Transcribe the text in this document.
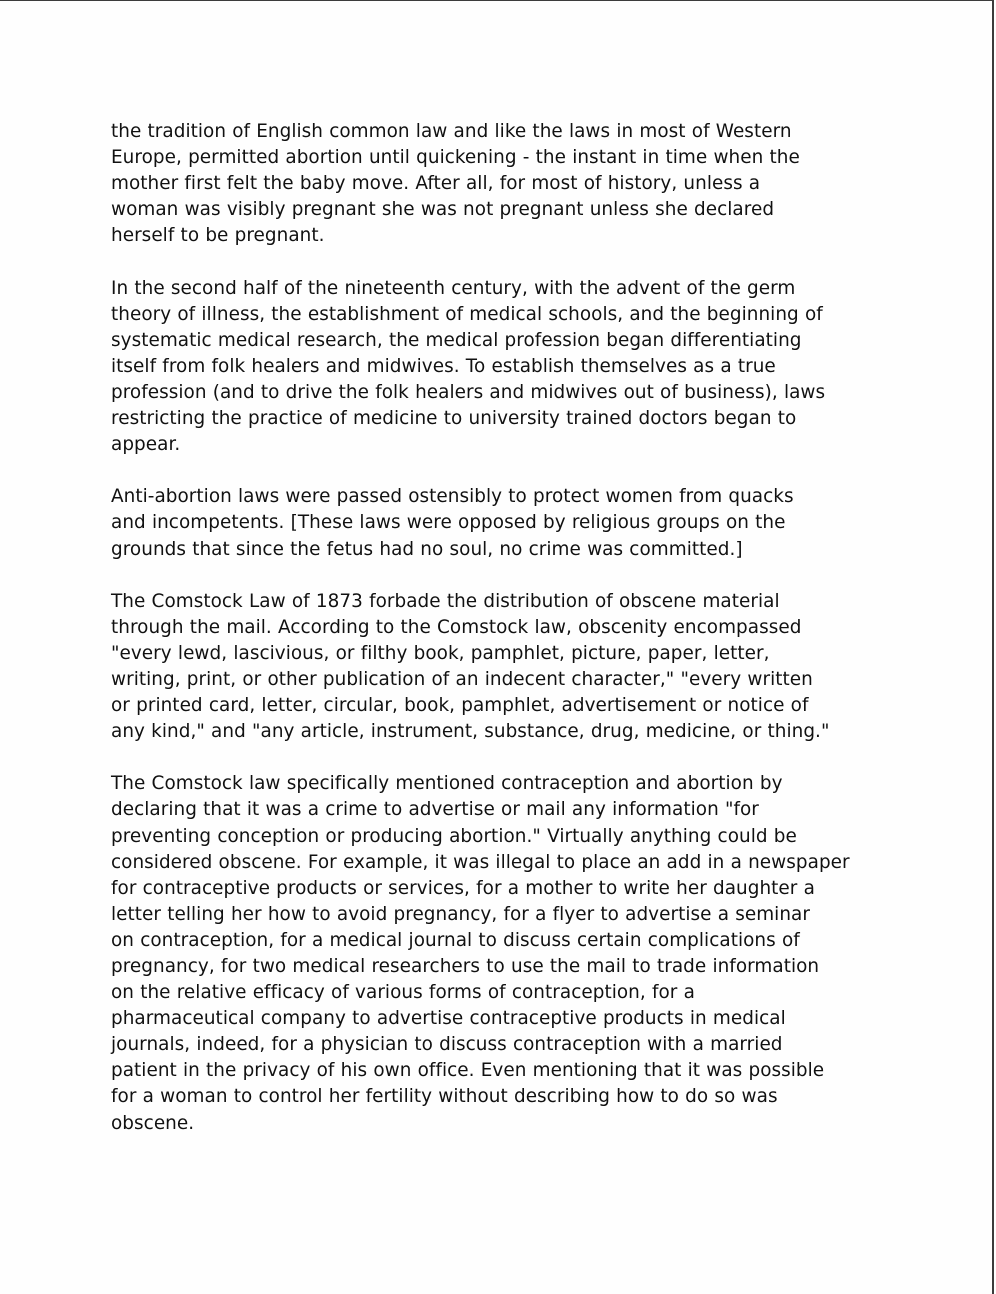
the tradition of English common law and like the laws in most of Western
Europe, permitted abortion until quickening - the instant in time when the
mother first felt the baby move. After all, for most of history, unless a
woman was visibly pregnant she was not pregnant unless she declared
herself to be pregnant.

In the second half of the nineteenth century, with the advent of the germ
theory of illness, the establishment of medical schools, and the beginning of
systematic medical research, the medical profession began differentiating
itself from folk healers and midwives. To establish themselves as a true
profession (and to drive the folk healers and midwives out of business), laws
restricting the practice of medicine to university trained doctors began to
appear.

Anti-abortion laws were passed ostensibly to protect women from quacks
and incompetents. [These laws were opposed by religious groups on the
grounds that since the fetus had no soul, no crime was committed.]

The Comstock Law of 1873 forbade the distribution of obscene material
through the mail. According to the Comstock law, obscenity encompassed
"every lewd, lascivious, or filthy book, pamphlet, picture, paper, letter,
writing, print, or other publication of an indecent character," "every written
or printed card, letter, circular, book, pamphlet, advertisement or notice of
any kind," and "any article, instrument, substance, drug, medicine, or thing."

The Comstock law specifically mentioned contraception and abortion by
declaring that it was a crime to advertise or mail any information "for
preventing conception or producing abortion." Virtually anything could be
considered obscene. For example, it was illegal to place an add in a newspaper
for contraceptive products or services, for a mother to write her daughter a
letter telling her how to avoid pregnancy, for a flyer to advertise a seminar
on contraception, for a medical journal to discuss certain complications of
pregnancy, for two medical researchers to use the mail to trade information
on the relative efficacy of various forms of contraception, for a
pharmaceutical company to advertise contraceptive products in medical
journals, indeed, for a physician to discuss contraception with a married
patient in the privacy of his own office. Even mentioning that it was possible
for a woman to control her fertility without describing how to do so was
obscene.
